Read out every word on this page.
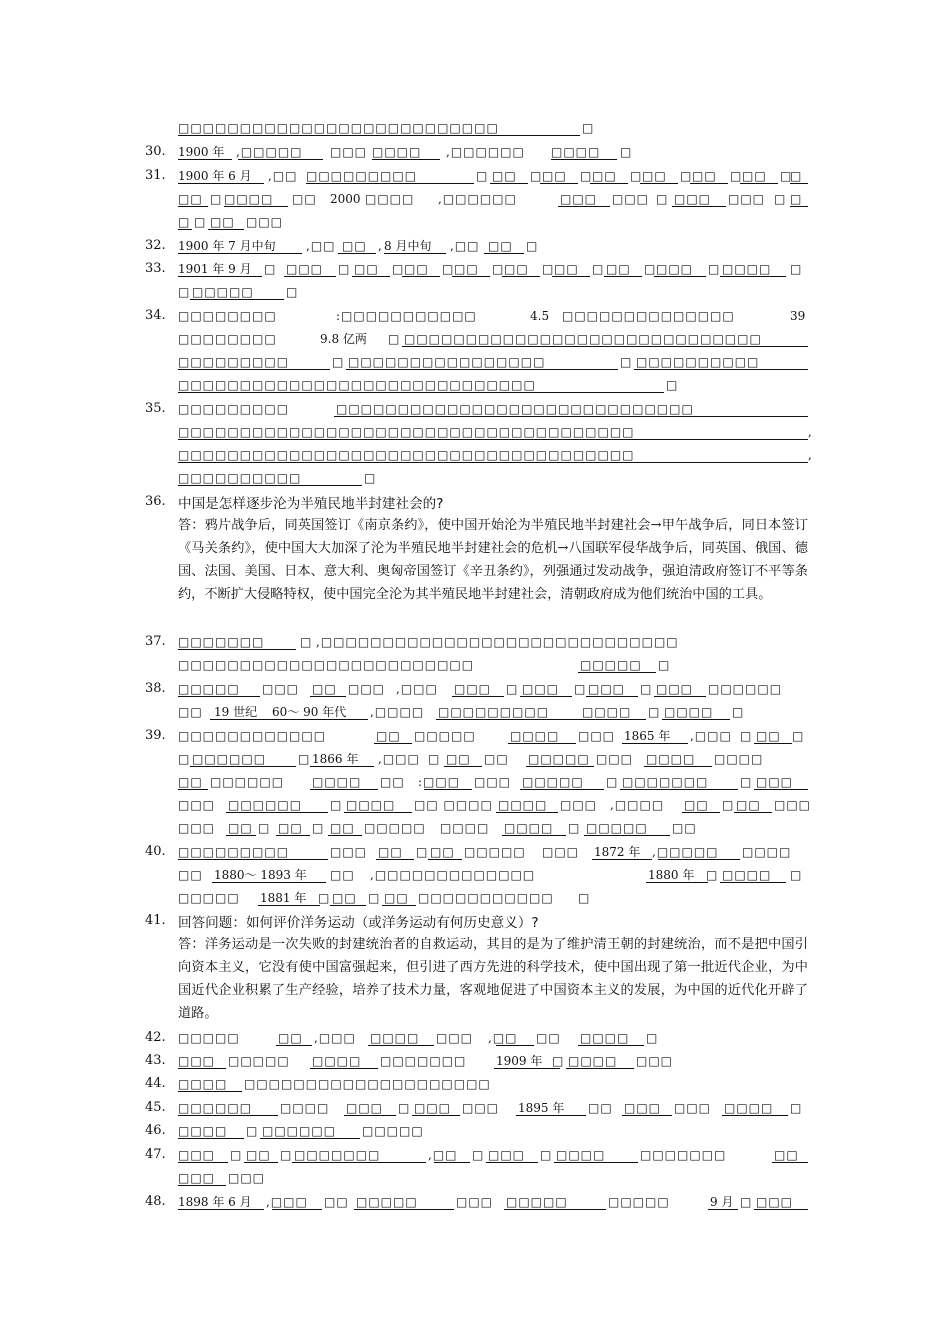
□□□□□□□□□□□□□□□□□□□□□□□□□□	□
30.	1900 年 ,□□□□□ □□□ □□□□ ,□□□□□□ □□□□ □
31.	1900 年 6 月 ,□□ □□□□□□□□□	□ □□ □ □□ □ □□ □ □□ □ □□ □ □□ □
□
□□ □ □□□□ □□ 2000 □□□□ ,□□□□□□	□□□ □□□ □ □□□ □□□ □ □
□ □ □□ □□□
32.	1900 年 7 月中旬	,□□ □□ , 8 月中旬 ,□□ □□ □
33.	1901 年 9 月 □ □□□ □ □□ □ □□ □ □□ □ □□ □ □□ □ □□ □ □□□ □ □□□□ □
□ □□□□□	□
34.	□□□□□□□□	:□□□□□□□□□□□	4.5 □□□□□□□□□□□□□□	39
□□□□□□□□	9.8 亿两 □ □□□□□□□□□□□□□□□□□□□□□□□□□□□□□
□□□□□□□□□	□ □□□□□□□□□□□□□□□□	□ □□□□□□□□□□
□□□□□□□□□□□□□□□□□□□□□□□□□□□□□	□
35.	□□□□□□□□□	□□□□□□□□□□□□□□□□□□□□□□□□□□□□□
□□□□□□□□□□□□□□□□□□□□□□□□□□□□□□□□□□□□□	,
□□□□□□□□□□□□□□□□□□□□□□□□□□□□□□□□□□□□□	,
□□□□□□□□□□	□
36. 中国是怎样逐步沦为半殖民地半封建社会的?
答：鸦片战争后，同英国签订《南京条约》，使中国开始沦为半殖民地半封建社会→甲午战争后，同日本签订《马关条约》，使中国大大加深了沦为半殖民地半封建社会的危机→八国联军侵华战争后，同英国、俄国、德国、法国、美国、日本、意大利、奥匈帝国签订《辛丑条约》，列强通过发动战争，强迫清政府签订不平等条约，不断扩大侵略特权，使中国完全沦为其半殖民地半封建社会，清朝政府成为他们统治中国的工具。
37.	□□□□□□□	□ ,□□□□□□□□□□□□□□□□□□□□□□□□□□□□□
□□□□□□□□□□□□□□□□□□□□□□□□	□□□□□ □
38.	□□□□□ □□□ □□ □□□ ,□□□ □□□ □ □□□ □ □□□ □ □□□ □□□□□□
□□ 19 世纪 60～ 90 年代 ,□□□□ □□□□□□□□□	□□□□ □ □□□□ □
39.	□□□□□□□□□□□□	□□ □□□□□	□□□□ □□□ 1865 年 ,□□□ □ □□ □
□ □□□□□□	□ 1866 年 ,□□□ □ □□ □□ □□□□□ □□□ □□□□ □□□□
□□ □□□□□□ □□□□ □□ :□□□ □□□ □□□□□ □ □□□□□□□	□ □□□
□□□ □□□□□□ □ □□□□ □□ □□□□ □□□□ □□□ ,□□□□ □□ □ □□ □□□
□□□ □□ □ □□ □ □□ □□□□□ □□□□ □□□□ □ □□□□□ □□
40.	□□□□□□□□□	□□□ □□ □ □□ □□□□□ □□□ 1872 年 ,□□□□□ □□□□
□□ 1880～ 1893 年 □□ ,□□□□□□□□□□□□□	1880 年 □ □□□□ □
□□□□□ 1881 年 □ □□ □ □□ □□□□□□□□□□□ □
41. 回答问题：如何评价洋务运动（或洋务运动有何历史意义）?
答：洋务运动是一次失败的封建统治者的自救运动，其目的是为了维护清王朝的封建统治，而不是把中国引向资本主义，它没有使中国富强起来，但引进了西方先进的科学技术，使中国出现了第一批近代企业，为中国近代企业积累了生产经验，培养了技术力量，客观地促进了中国资本主义的发展，为中国的近代化开辟了道路。
42.	□□□□□	□□ ,□□□ □□□□ □□□ ,□□ □□ □□□□ □
43.	□□□ □□□□□ □□□□ □□□□□□□ 1909 年 □ □□□□ □□□
44.	□□□□ □□□□□□□□□□□□□□□□□□□□
45.	□□□□□□ □□□□ □□□ □ □□□ □□□ 1895 年 □□ □□□ □□□ □□□□ □
46.	□□□□ □ □□□□□□ □□□□□
47.	□□□ □ □□ □ □□□□□□□	,□□ □ □□□ □ □□□□	□□□□□□□	□□
□□□ □□□
48.	1898 年 6 月 ,□□□ □□ □□□□□	□□□ □□□□□	□□□□□	9 月 □ □□□
